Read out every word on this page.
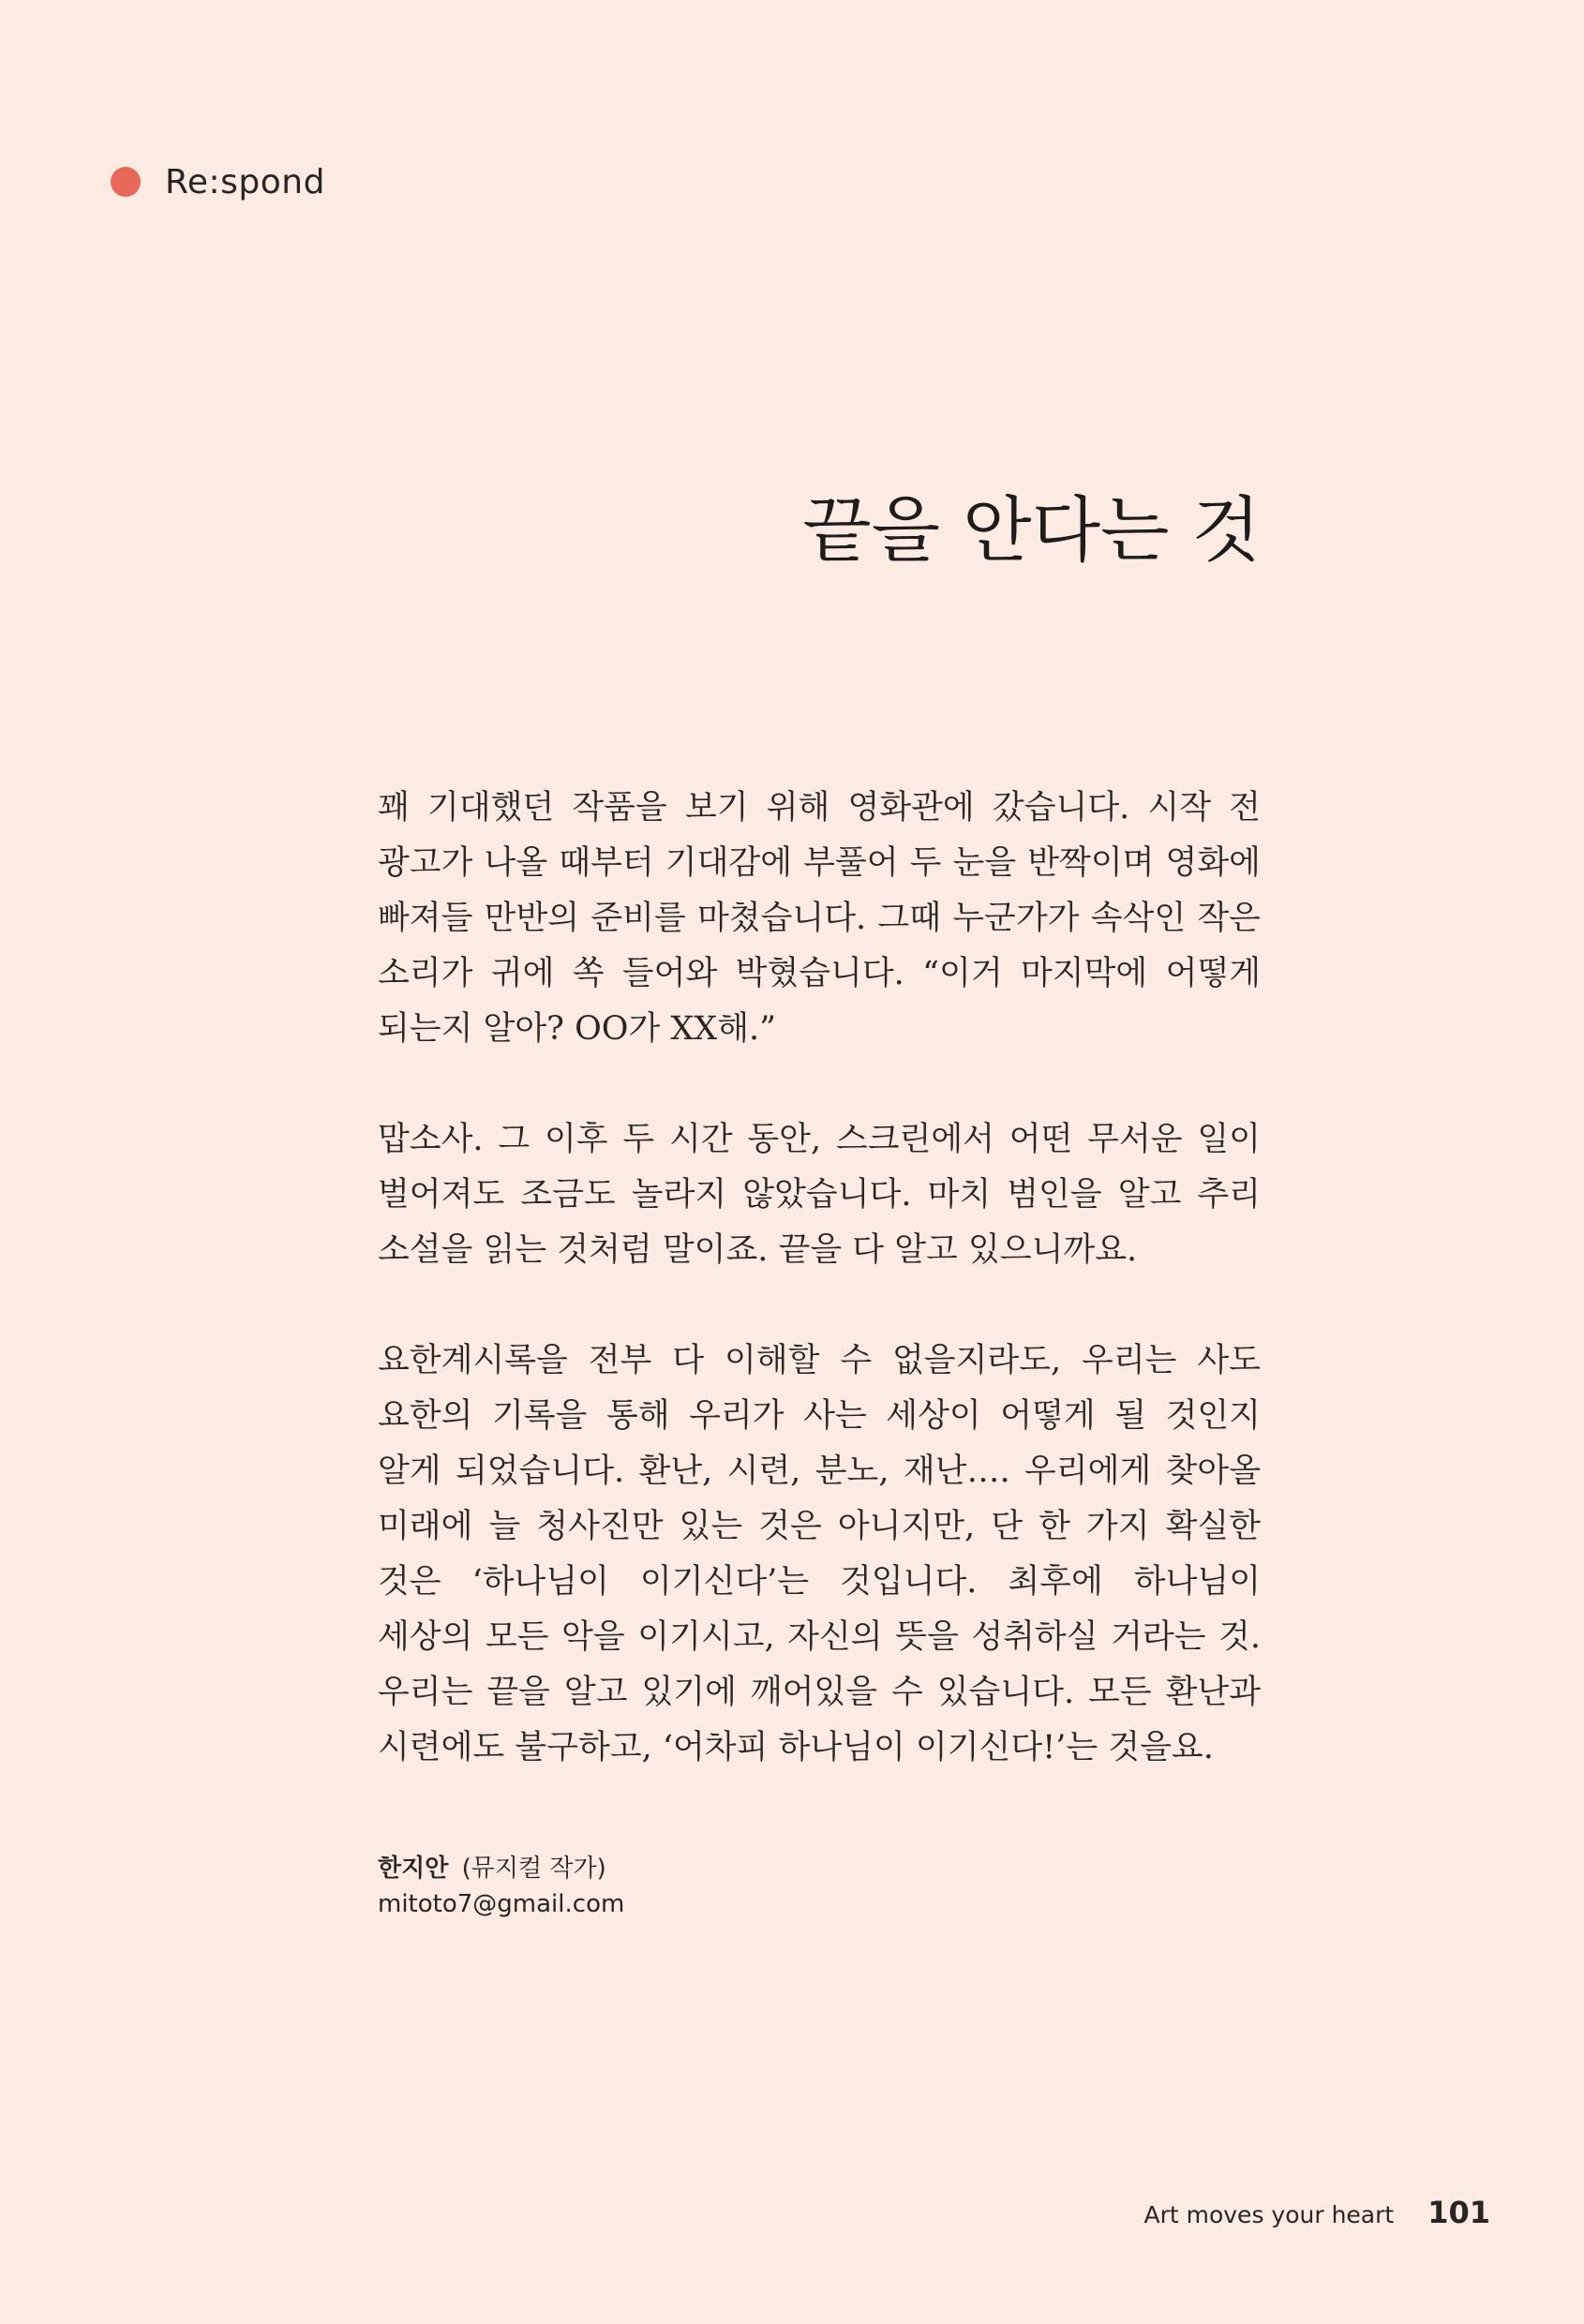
Re:spond
끝을 안다는 것

꽤 기대했던 작품을 보기 위해 영화관에 갔습니다. 시작 전 광고가 나올 때부터 기대감에 부풀어 두 눈을 반짝이며 영화에 빠져들 만반의 준비를 마쳤습니다. 그때 누군가가 속삭인 작은 소리가 귀에 쏙 들어와 박혔습니다. “이거 마지막에 어떻게 되는지 알아? OO가 XX해.”

맙소사. 그 이후 두 시간 동안, 스크린에서 어떤 무서운 일이 벌어져도 조금도 놀라지 않았습니다. 마치 범인을 알고 추리 소설을 읽는 것처럼 말이죠. 끝을 다 알고 있으니까요.

요한계시록을 전부 다 이해할 수 없을지라도, 우리는 사도 요한의 기록을 통해 우리가 사는 세상이 어떻게 될 것인지 알게 되었습니다. 환난, 시련, 분노, 재난…. 우리에게 찾아올 미래에 늘 청사진만 있는 것은 아니지만, 단 한 가지 확실한 것은 ‘하나님이 이기신다’는 것입니다. 최후에 하나님이 세상의 모든 악을 이기시고, 자신의 뜻을 성취하실 거라는 것. 우리는 끝을 알고 있기에 깨어있을 수 있습니다. 모든 환난과 시련에도 불구하고, ‘어차피 하나님이 이기신다!’는 것을요.

한지안 (뮤지컬 작가)
mitoto7@gmail.com
Art moves your heart 101
